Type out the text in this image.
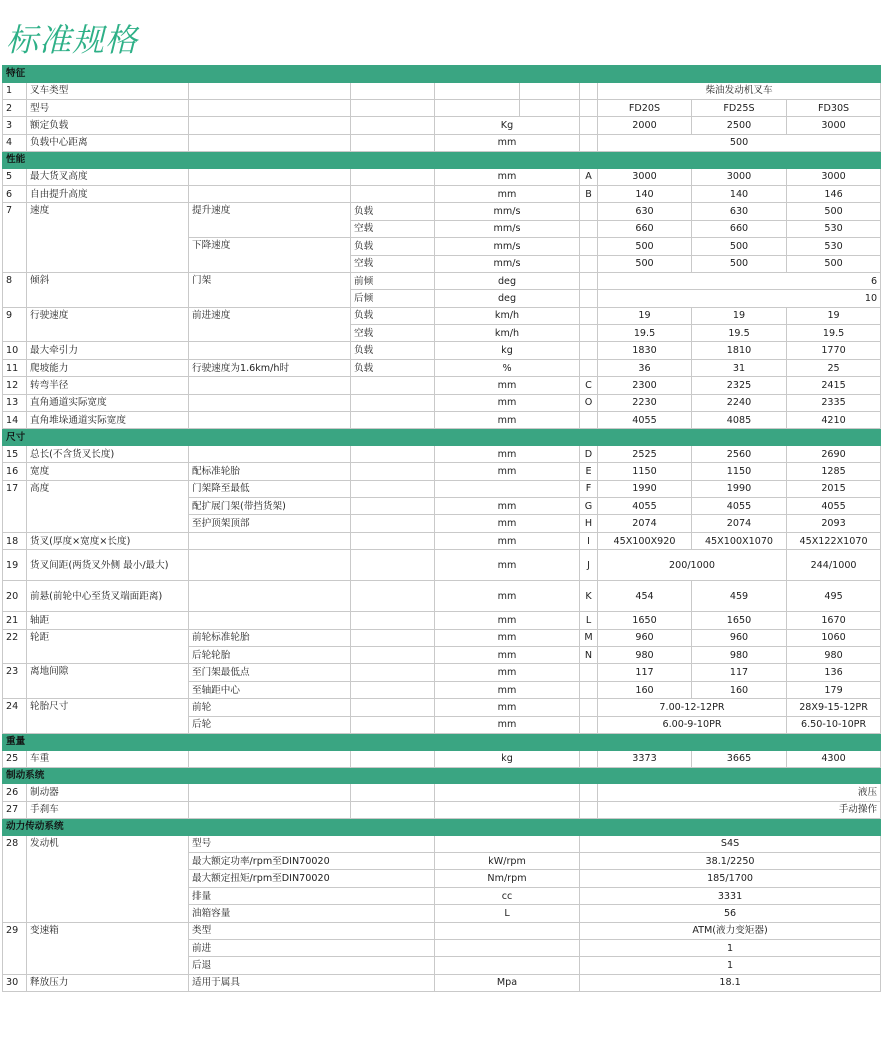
标准规格
特征									
1	叉车类型						柴油发动机叉车		
2	型号						FD20S	FD25S	FD30S
3	额定负载			Kg			2000	2500	3000
4	负载中心距离			mm			500		
性能									
5	最大货叉高度			mm		A	3000	3000	3000
6	自由提升高度			mm		B	140	140	146
7	速度	提升速度	负载	mm/s			630	630	500
			空载	mm/s			660	660	530
		下降速度	负载	mm/s			500	500	530
			空载	mm/s			500	500	500
8	倾斜	门架	前倾	deg			6		
			后倾	deg			10		
9	行驶速度	前进速度	负载	km/h			19	19	19
			空载	km/h			19.5	19.5	19.5
10	最大牵引力		负载	kg			1830	1810	1770
11	爬坡能力	行驶速度为1.6km/h时	负载	%			36	31	25
12	转弯半径			mm		C	2300	2325	2415
13	直角通道实际宽度			mm		O	2230	2240	2335
14	直角堆垛通道实际宽度			mm			4055	4085	4210
尺寸									
15	总长(不含货叉长度)			mm		D	2525	2560	2690
16	宽度	配标准轮胎		mm		E	1150	1150	1285
17	高度	门架降至最低				F	1990	1990	2015
		配扩展门架(带挡货架)		mm		G	4055	4055	4055
		至护顶架顶部		mm		H	2074	2074	2093
18	货叉(厚度×宽度×长度)			mm		I	45X100X920	45X100X1070	45X122X1070
19	货叉间距(两货叉外侧 最小/最大)			mm		J	200/1000		244/1000
20	前悬(前轮中心至货叉端面距离)			mm		K	454	459	495
21	轴距			mm		L	1650	1650	1670
22	轮距	前轮标准轮胎		mm		M	960	960	1060
		后轮轮胎		mm		N	980	980	980
23	离地间隙	至门架最低点		mm			117	117	136
		至轴距中心		mm			160	160	179
24	轮胎尺寸	前轮		mm			7.00-12-12PR		28X9-15-12PR
		后轮		mm			6.00-9-10PR		6.50-10-10PR
重量									
25	车重			kg			3373	3665	4300
制动系统									
26	制动器						液压		
27	手刹车						手动操作		
动力传动系统									
28	发动机	型号				S4S			
		最大额定功率/rpm至DIN70020		kW/rpm		38.1/2250			
		最大额定扭矩/rpm至DIN70020		Nm/rpm		185/1700			
		排量		cc		3331			
		油箱容量		L		56			
29	变速箱	类型				ATM(液力变矩器)			
		前进				1			
		后退				1			
30	释放压力	适用于属具		Mpa		18.1			
